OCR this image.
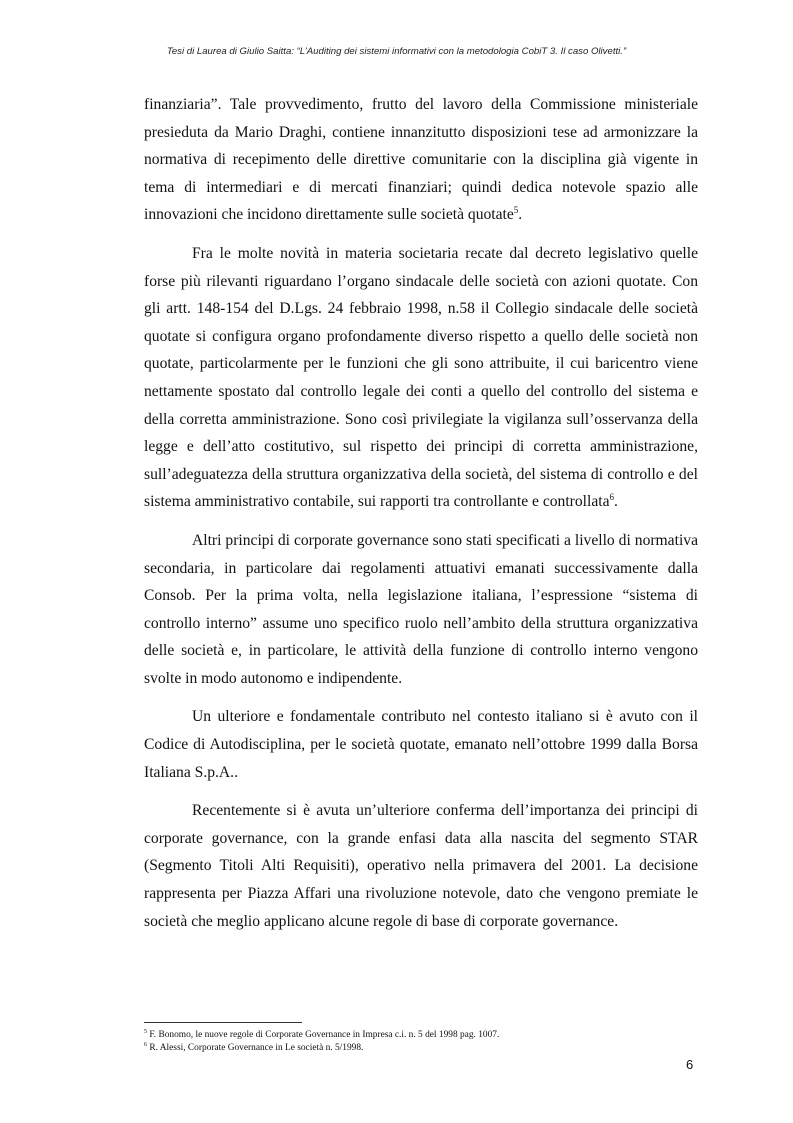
Tesi di Laurea di Giulio Saitta: “L’Auditing dei sistemi informativi con la metodologia CobiT 3. Il caso Olivetti.”

finanziaria”. Tale provvedimento, frutto del lavoro della Commissione ministeriale presieduta da Mario Draghi, contiene innanzitutto disposizioni tese ad armonizzare la normativa di recepimento delle direttive comunitarie con la disciplina già vigente in tema di intermediari e di mercati finanziari; quindi dedica notevole spazio alle innovazioni che incidono direttamente sulle società quotate$^5$.

Fra le molte novità in materia societaria recate dal decreto legislativo quelle forse più rilevanti riguardano l’organo sindacale delle società con azioni quotate. Con gli artt. 148-154 del D.Lgs. 24 febbraio 1998, n.58 il Collegio sindacale delle società quotate si configura organo profondamente diverso rispetto a quello delle società non quotate, particolarmente per le funzioni che gli sono attribuite, il cui baricentro viene nettamente spostato dal controllo legale dei conti a quello del controllo del sistema e della corretta amministrazione. Sono così privilegiate la vigilanza sull’osservanza della legge e dell’atto costitutivo, sul rispetto dei principi di corretta amministrazione, sull’adeguatezza della struttura organizzativa della società, del sistema di controllo e del sistema amministrativo contabile, sui rapporti tra controllante e controllata$^6$.

Altri principi di corporate governance sono stati specificati a livello di normativa secondaria, in particolare dai regolamenti attuativi emanati successivamente dalla Consob. Per la prima volta, nella legislazione italiana, l’espressione “sistema di controllo interno” assume uno specifico ruolo nell’ambito della struttura organizzativa delle società e, in particolare, le attività della funzione di controllo interno vengono svolte in modo autonomo e indipendente.

Un ulteriore e fondamentale contributo nel contesto italiano si è avuto con il Codice di Autodisciplina, per le società quotate, emanato nell’ottobre 1999 dalla Borsa Italiana S.p.A..

Recentemente si è avuta un’ulteriore conferma dell’importanza dei principi di corporate governance, con la grande enfasi data alla nascita del segmento STAR (Segmento Titoli Alti Requisiti), operativo nella primavera del 2001. La decisione rappresenta per Piazza Affari una rivoluzione notevole, dato che vengono premiate le società che meglio applicano alcune regole di base di corporate governance.

$^5$ F. Bonomo, le nuove regole di Corporate Governance in Impresa c.i. n. 5 del 1998 pag. 1007.
$^6$ R. Alessi, Corporate Governance in Le società n. 5/1998.
6
